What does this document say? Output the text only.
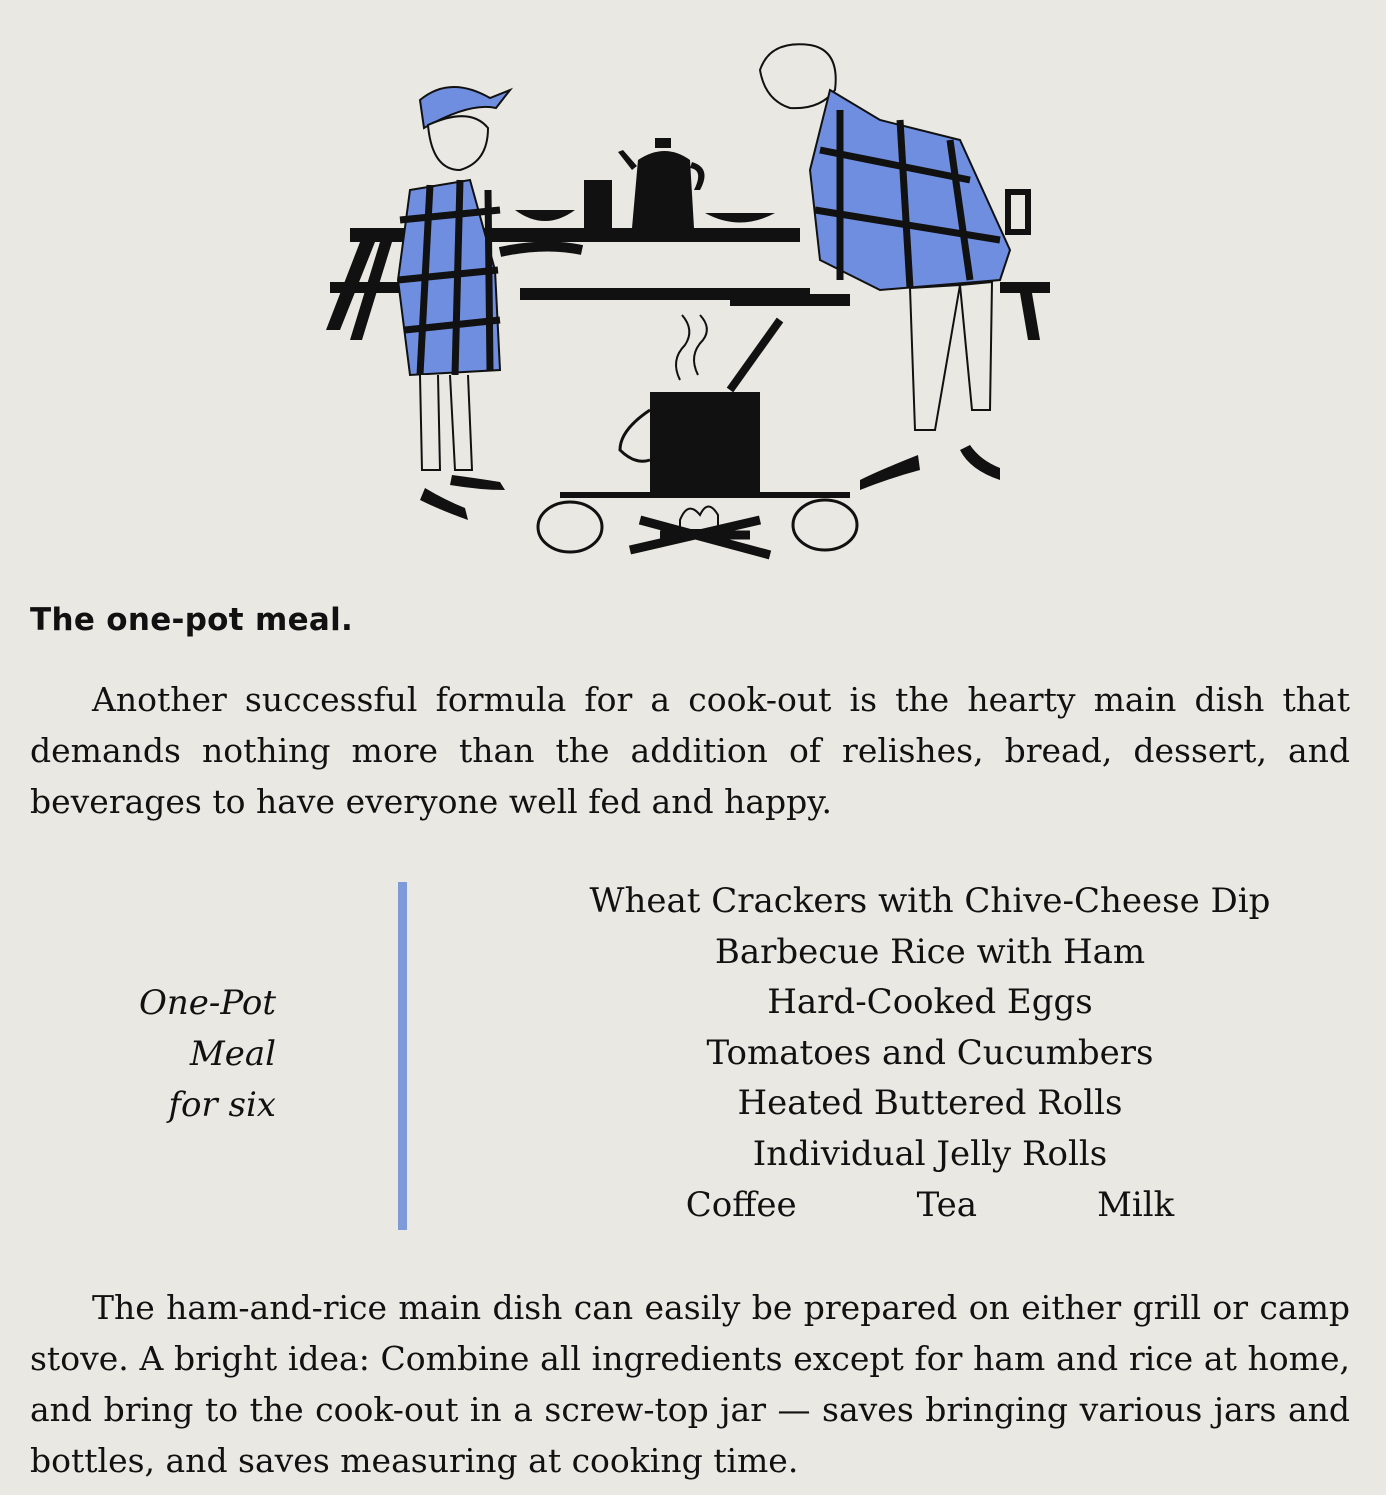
The one-pot meal.

Another successful formula for a cook-out is the hearty main dish that demands nothing more than the addition of relishes, bread, dessert, and beverages to have everyone well fed and happy.

One-Pot
Meal
for six
Wheat Crackers with Chive-Cheese Dip
Barbecue Rice with Ham
Hard-Cooked Eggs
Tomatoes and Cucumbers
Heated Buttered Rolls
Individual Jelly Rolls
Coffee	Tea	Milk

The ham-and-rice main dish can easily be prepared on either grill or camp stove. A bright idea: Combine all ingredients except for ham and rice at home, and bring to the cook-out in a screw-top jar — saves bringing various jars and bottles, and saves measuring at cooking time.
